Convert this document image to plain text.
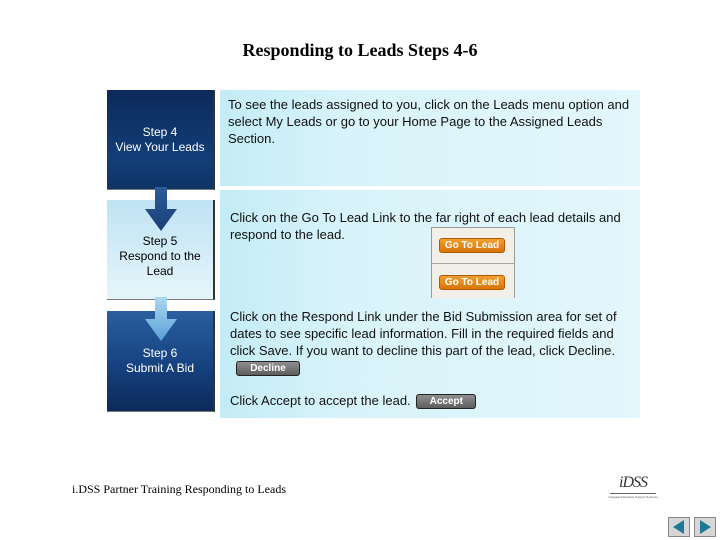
Responding to Leads Steps 4-6
Step 4
View Your Leads
Step 5
Respond to the
Lead
Step 6
Submit A Bid
To see the leads assigned to you, click on the Leads menu option and select My Leads or go to your Home Page to the Assigned Leads Section.
Click on the Go To Lead Link to the far right of each lead details and respond to the lead.
Go To Lead
Go To Lead
Click on the Respond Link under the Bid Submission area for set of dates to see specific lead information. Fill in the required fields and click Save. If you want to decline this part of the lead, click Decline. Decline
Click Accept to accept the lead. Accept
i.DSS Partner Training Responding to Leads	iDSS
Integrated Decision Support Systems
